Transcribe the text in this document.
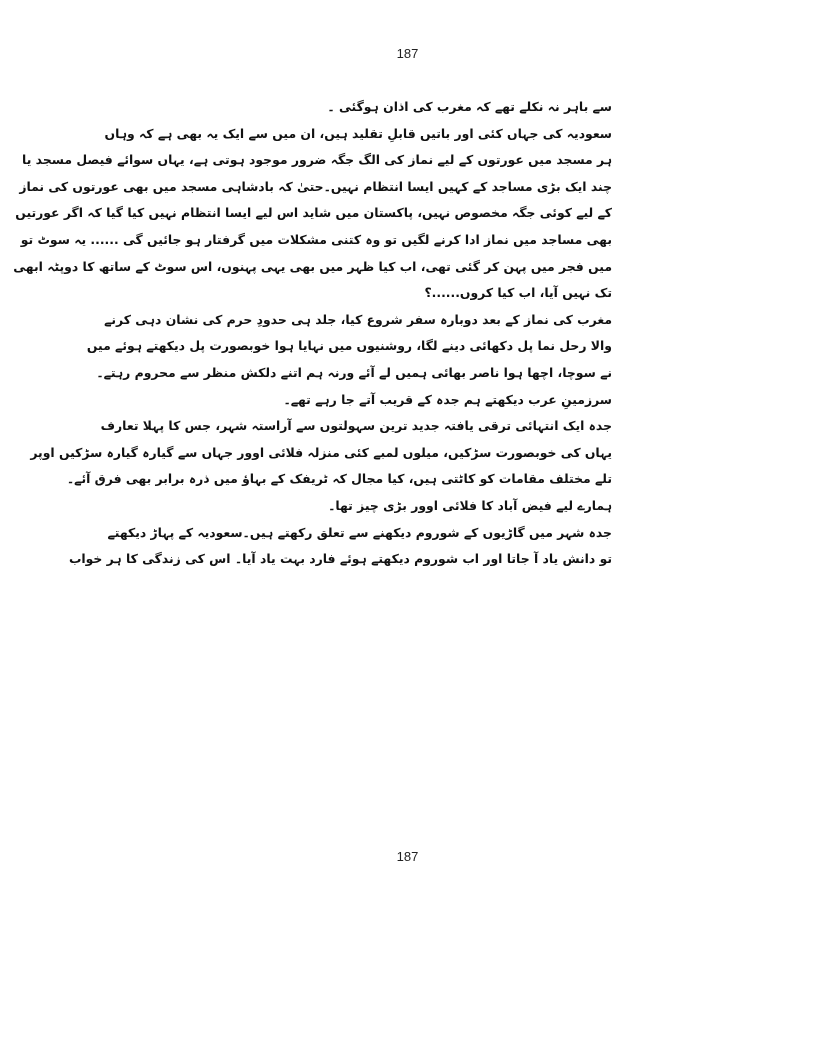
187

سے باہر نہ نکلے تھے کہ مغرب کی اذان ہوگئی ۔

سعودیہ کی جہاں کئی اور باتیں قابلِ تقلید ہیں، ان میں سے ایک یہ بھی ہے کہ وہاں
ہر مسجد میں عورتوں کے لیے نماز کی الگ جگہ ضرور موجود ہوتی ہے، یہاں سوائے فیصل مسجد یا
چند ایک بڑی مساجد کے کہیں ایسا انتظام نہیں۔حتیٰ کہ بادشاہی مسجد میں بھی عورتوں کی نماز
کے لیے کوئی جگہ مخصوص نہیں، پاکستان میں شاید اس لیے ایسا انتظام نہیں کیا گیا کہ اگر عورتیں
بھی مساجد میں نماز ادا کرنے لگیں تو وہ کتنی مشکلات میں گرفتار ہو جائیں گی ...... یہ سوٹ تو
میں فجر میں پہن کر گئی تھی، اب کیا ظہر میں بھی یہی پہنوں، اس سوٹ کے ساتھ کا دوپٹہ ابھی
تک نہیں آیا، اب کیا کروں......؟

مغرب کی نماز کے بعد دوبارہ سفر شروع کیا، جلد ہی حدودِ حرم کی نشان دہی کرنے
والا رحل نما پل دکھائی دینے لگا، روشنیوں میں نہایا ہوا خوبصورت پل دیکھتے ہوئے میں
نے سوچا، اچھا ہوا ناصر بھائی ہمیں لے آئے ورنہ ہم اتنے دلکش منظر سے محروم رہتے۔
سرزمینِ عرب دیکھتے ہم جدہ کے قریب آتے جا رہے تھے۔

جدہ ایک انتہائی ترقی یافتہ جدید ترین سہولتوں سے آراستہ شہر، جس کا پہلا تعارف
یہاں کی خوبصورت سڑکیں، میلوں لمبے کئی منزلہ فلائی اوور جہاں سے گیارہ گیارہ سڑکیں اوپر
تلے مختلف مقامات کو کاٹتی ہیں، کیا مجال کہ ٹریفک کے بہاؤ میں ذرہ برابر بھی فرق آئے۔
ہمارے لیے فیض آباد کا فلائی اوور بڑی چیز تھا۔

جدہ شہر میں گاڑیوں کے شوروم دیکھنے سے تعلق رکھتے ہیں۔سعودیہ کے پہاڑ دیکھتے
تو دانش یاد آ جاتا اور اب شوروم دیکھتے ہوئے فارد بہت یاد آیا۔ اس کی زندگی کا ہر خواب

187
